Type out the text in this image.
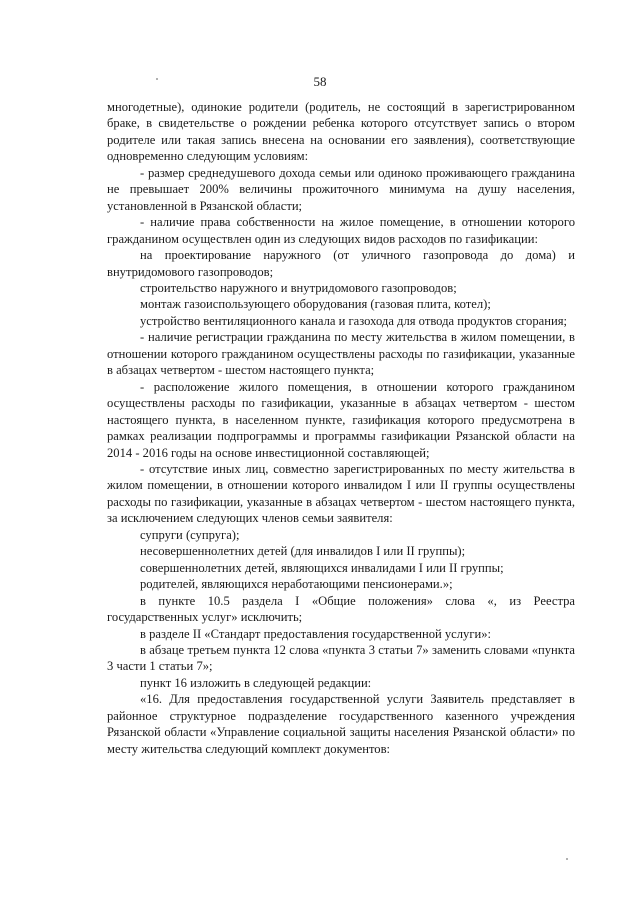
58

многодетные), одинокие родители (родитель, не состоящий в зарегистрированном браке, в свидетельстве о рождении ребенка которого отсутствует запись о втором родителе или такая запись внесена на основании его заявления), соответствующие одновременно следующим условиям:

- размер среднедушевого дохода семьи или одиноко проживающего гражданина не превышает 200% величины прожиточного минимума на душу населения, установленной в Рязанской области;

- наличие права собственности на жилое помещение, в отношении которого гражданином осуществлен один из следующих видов расходов по газификации:

на проектирование наружного (от уличного газопровода до дома) и внутридомового газопроводов;

строительство наружного и внутридомового газопроводов;

монтаж газоиспользующего оборудования (газовая плита, котел);

устройство вентиляционного канала и газохода для отвода продуктов сгорания;

- наличие регистрации гражданина по месту жительства в жилом помещении, в отношении которого гражданином осуществлены расходы по газификации, указанные в абзацах четвертом - шестом настоящего пункта;

- расположение жилого помещения, в отношении которого гражданином осуществлены расходы по газификации, указанные в абзацах четвертом - шестом настоящего пункта, в населенном пункте, газификация которого предусмотрена в рамках реализации подпрограммы и программы газификации Рязанской области на 2014 - 2016 годы на основе инвестиционной составляющей;

- отсутствие иных лиц, совместно зарегистрированных по месту жительства в жилом помещении, в отношении которого инвалидом I или II группы осуществлены расходы по газификации, указанные в абзацах четвертом - шестом настоящего пункта, за исключением следующих членов семьи заявителя:

супруги (супруга);

несовершеннолетних детей (для инвалидов I или II группы);

совершеннолетних детей, являющихся инвалидами I или II группы;

родителей, являющихся неработающими пенсионерами.»;

в пункте 10.5 раздела I «Общие положения» слова «, из Реестра государственных услуг» исключить;

в разделе II «Стандарт предоставления государственной услуги»:

в абзаце третьем пункта 12 слова «пункта 3 статьи 7» заменить словами «пункта 3 части 1 статьи 7»;

пункт 16 изложить в следующей редакции:

«16. Для предоставления государственной услуги Заявитель представляет в районное структурное подразделение государственного казенного учреждения Рязанской области «Управление социальной защиты населения Рязанской области» по месту жительства следующий комплект документов:
